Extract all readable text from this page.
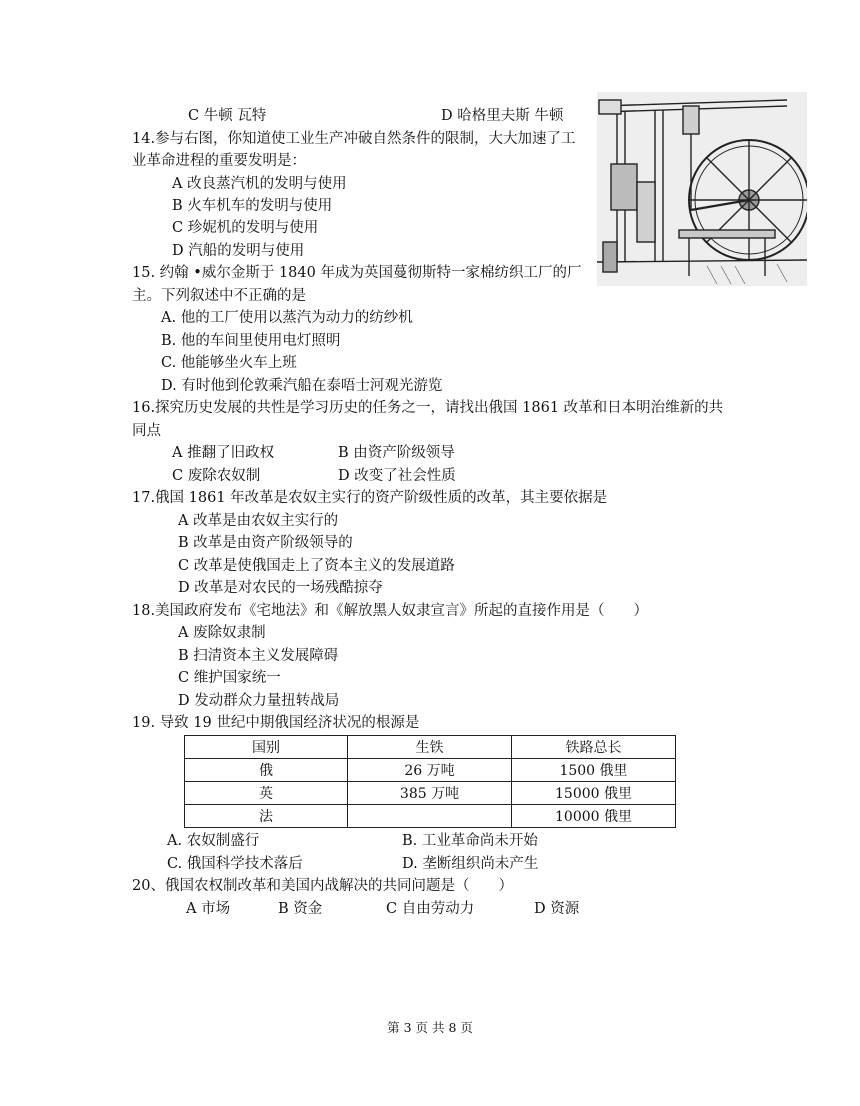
C 牛顿 瓦特	D 哈格里夫斯 牛顿
14.参与右图，你知道使工业生产冲破自然条件的限制，大大加速了工
业革命进程的重要发明是：
A 改良蒸汽机的发明与使用
B 火车机车的发明与使用
C 珍妮机的发明与使用
D 汽船的发明与使用
15. 约翰 •威尔金斯于 1840 年成为英国蔓彻斯特一家棉纺织工厂的厂
主。下列叙述中不正确的是
A. 他的工厂使用以蒸汽为动力的纺纱机
B. 他的车间里使用电灯照明
C. 他能够坐火车上班
D. 有时他到伦敦乘汽船在泰唔士河观光游览
16.探究历史发展的共性是学习历史的任务之一，请找出俄国 1861 改革和日本明治维新的共
同点
A 推翻了旧政权	B 由资产阶级领导
C 废除农奴制	D 改变了社会性质
17.俄国 1861 年改革是农奴主实行的资产阶级性质的改革，其主要依据是
A 改革是由农奴主实行的
B 改革是由资产阶级领导的
C 改革是使俄国走上了资本主义的发展道路
D 改革是对农民的一场残酷掠夺
18.美国政府发布《宅地法》和《解放黑人奴隶宣言》所起的直接作用是（　　）
A 废除奴隶制
B 扫清资本主义发展障碍
C 维护国家统一
D 发动群众力量扭转战局
19. 导致 19 世纪中期俄国经济状况的根源是
国别	生铁	铁路总长
俄	26 万吨	1500 俄里
英	385 万吨	15000 俄里
法		10000 俄里
A. 农奴制盛行	B. 工业革命尚未开始
C. 俄国科学技术落后	D. 垄断组织尚未产生
20、俄国农权制改革和美国内战解决的共同问题是（　　）
A 市场	B 资金	C 自由劳动力	D 资源
第 3 页 共 8 页
